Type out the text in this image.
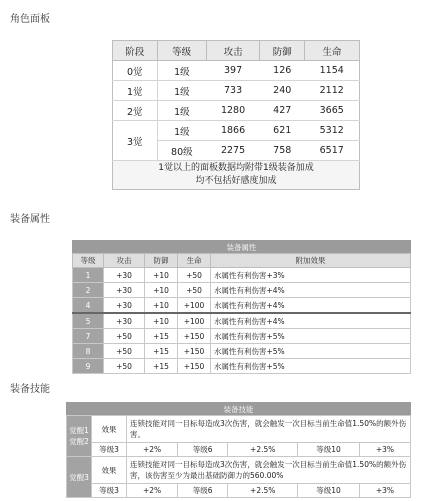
角色面板
阶段	等级	攻击	防御	生命
0觉	1级	397	126	1154
1觉	1级	733	240	2112
2觉	1级	1280	427	3665
3觉	1级	1866	621	5312
	80级	2275	758	6517

1觉以上的面板数据均附带1级装备加成
均不包括好感度加成				
装备属性
装备属性				
等级	攻击	防御	生命	附加效果
1	+30	+10	+50	水属性有利伤害+3%
2	+30	+10	+50	水属性有利伤害+4%
4	+30	+10	+100	水属性有利伤害+4%
5	+30	+10	+100	水属性有利伤害+4%
7	+50	+15	+150	水属性有利伤害+5%
8	+50	+15	+150	水属性有利伤害+5%
9	+50	+15	+150	水属性有利伤害+5%
装备技能
装备技能						
觉醒1
觉醒2	效果	连锁技能对同一目标每造成3次伤害，就会触发一次目标当前生命值1.50%的额外伤害。				
	等级3	+2%	等级6	+2.5%	等级10	+3%
觉醒3	效果	连锁技能对同一目标每造成3次伤害，就会触发一次目标当前生命值1.50%的额外伤害，该伤害至少为最出基础防御力的560.00%				
	等级3	+2%	等级6	+2.5%	等级10	+3%
